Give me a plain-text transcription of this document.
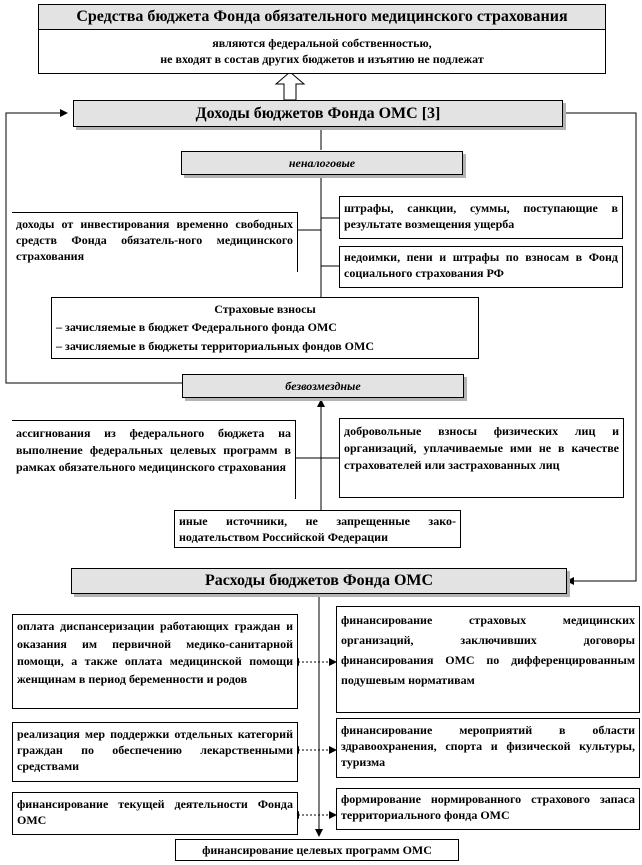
Средства бюджета Фонда обязательного медицинского страхования
являются федеральной собственностью,
не входят в состав других бюджетов и изъятию не подлежат
Доходы бюджетов Фонда ОМС [3]
неналоговые
доходы от инвестирования временно свободных средств Фонда обязатель-ного медицинского страхования
штрафы, санкции, суммы, поступающие в результате возмещения ущерба
недоимки, пени и штрафы по взносам в Фонд социального страхования РФ
Страховые взносы
– зачисляемые в бюджет Федерального фонда ОМС
– зачисляемые в бюджеты территориальных фондов ОМС
безвозмездные
ассигнования из федерального бюджета на выполнение федеральных целевых программ в рамках обязательного медицинского страхования
добровольные взносы физических лиц и организаций, уплачиваемые ими не в качестве страхователей или застрахованных лиц
иные источники, не запрещенные зако-нодательством Российской Федерации
Расходы бюджетов Фонда ОМС
оплата диспансеризации работающих граждан и оказания им первичной медико-санитарной помощи, а также оплата медицинской помощи женщинам в период беременности и родов
реализация мер поддержки отдельных категорий граждан по обеспечению лекарственными средствами
финансирование текущей деятельности Фонда ОМС
финансирование страховых медицинских организаций, заключивших договоры финансирования ОМС по дифференцированным подушевым нормативам
финансирование мероприятий в области здравоохранения, спорта и физической культуры, туризма
формирование нормированного страхового запаса территориального фонда ОМС
финансирование целевых программ ОМС
